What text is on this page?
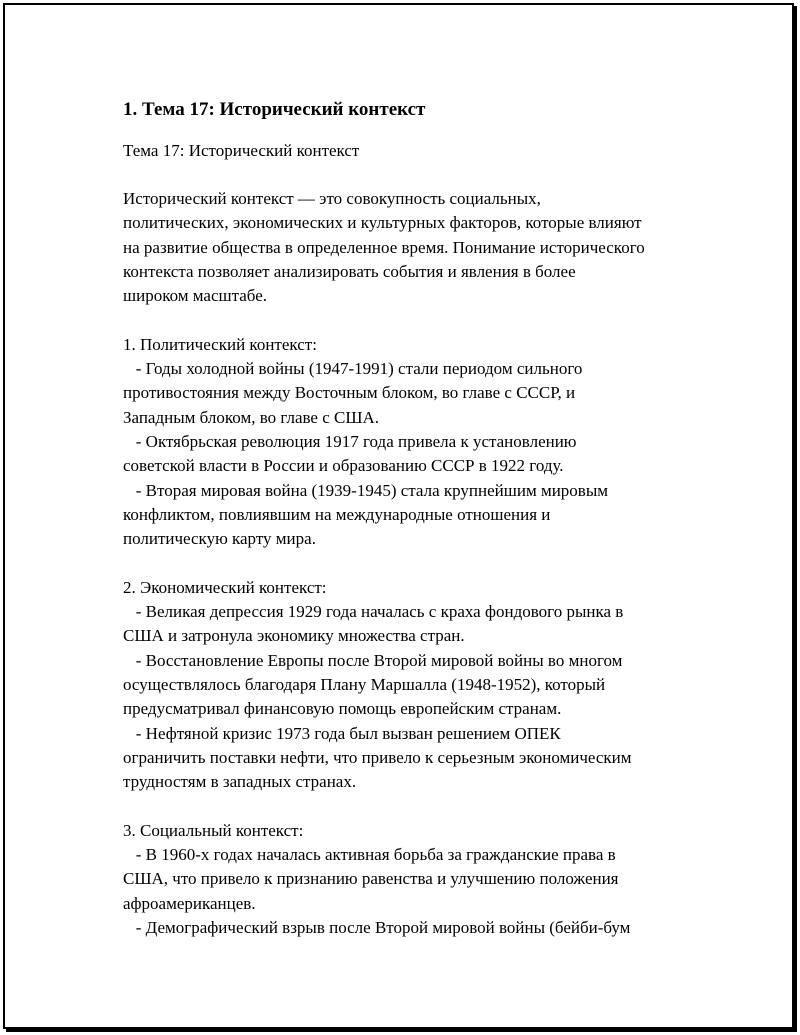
1. Тема 17: Исторический контекст
Тема 17: Исторический контекст
Исторический контекст — это совокупность социальных,
политических, экономических и культурных факторов, которые влияют
на развитие общества в определенное время. Понимание исторического
контекста позволяет анализировать события и явления в более
широком масштабе.
1. Политический контекст:
- Годы холодной войны (1947-1991) стали периодом сильного
противостояния между Восточным блоком, во главе с СССР, и
Западным блоком, во главе с США.
- Октябрьская революция 1917 года привела к установлению
советской власти в России и образованию СССР в 1922 году.
- Вторая мировая война (1939-1945) стала крупнейшим мировым
конфликтом, повлиявшим на международные отношения и
политическую карту мира.
2. Экономический контекст:
- Великая депрессия 1929 года началась с краха фондового рынка в
США и затронула экономику множества стран.
- Восстановление Европы после Второй мировой войны во многом
осуществлялось благодаря Плану Маршалла (1948-1952), который
предусматривал финансовую помощь европейским странам.
- Нефтяной кризис 1973 года был вызван решением ОПЕК
ограничить поставки нефти, что привело к серьезным экономическим
трудностям в западных странах.
3. Социальный контекст:
- В 1960-х годах началась активная борьба за гражданские права в
США, что привело к признанию равенства и улучшению положения
афроамериканцев.
- Демографический взрыв после Второй мировой войны (бейби-бум
